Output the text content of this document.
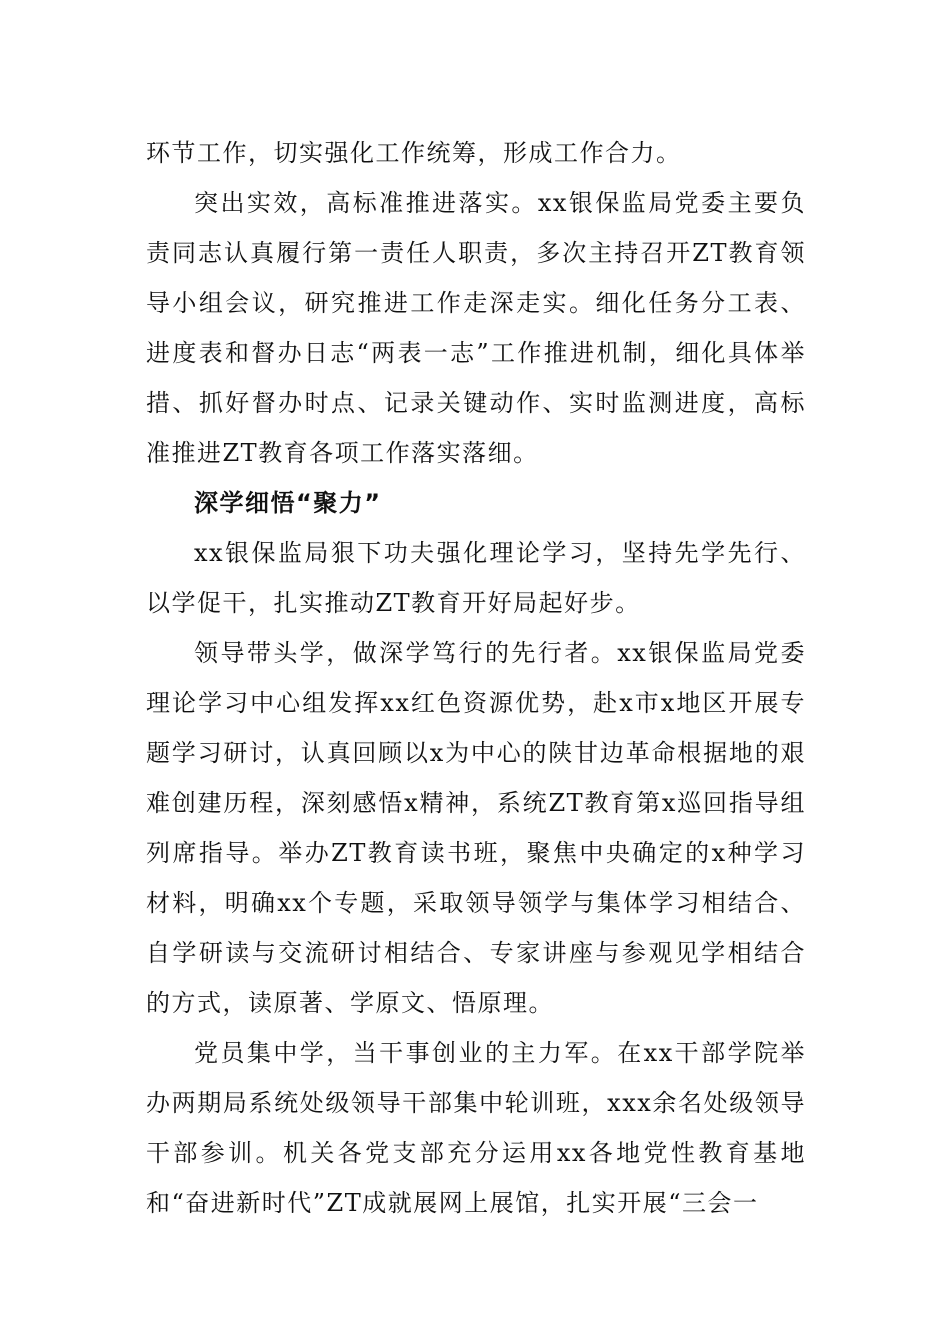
环节工作，切实强化工作统筹，形成工作合力。

突出实效，高标准推进落实。xx银保监局党委主要负责同志认真履行第一责任人职责，多次主持召开ZT教育领导小组会议，研究推进工作走深走实。细化任务分工表、进度表和督办日志“两表一志”工作推进机制，细化具体举措、抓好督办时点、记录关键动作、实时监测进度，高标准推进ZT教育各项工作落实落细。

深学细悟“聚力”

xx银保监局狠下功夫强化理论学习，坚持先学先行、以学促干，扎实推动ZT教育开好局起好步。

领导带头学，做深学笃行的先行者。xx银保监局党委理论学习中心组发挥xx红色资源优势，赴x市x地区开展专题学习研讨，认真回顾以x为中心的陕甘边革命根据地的艰难创建历程，深刻感悟x精神，系统ZT教育第x巡回指导组列席指导。举办ZT教育读书班，聚焦中央确定的x种学习材料，明确xx个专题，采取领导领学与集体学习相结合、自学研读与交流研讨相结合、专家讲座与参观见学相结合的方式，读原著、学原文、悟原理。

党员集中学，当干事创业的主力军。在xx干部学院举办两期局系统处级领导干部集中轮训班，xxx余名处级领导干部参训。机关各党支部充分运用xx各地党性教育基地和“奋进新时代”ZT成就展网上展馆，扎实开展“三会一
